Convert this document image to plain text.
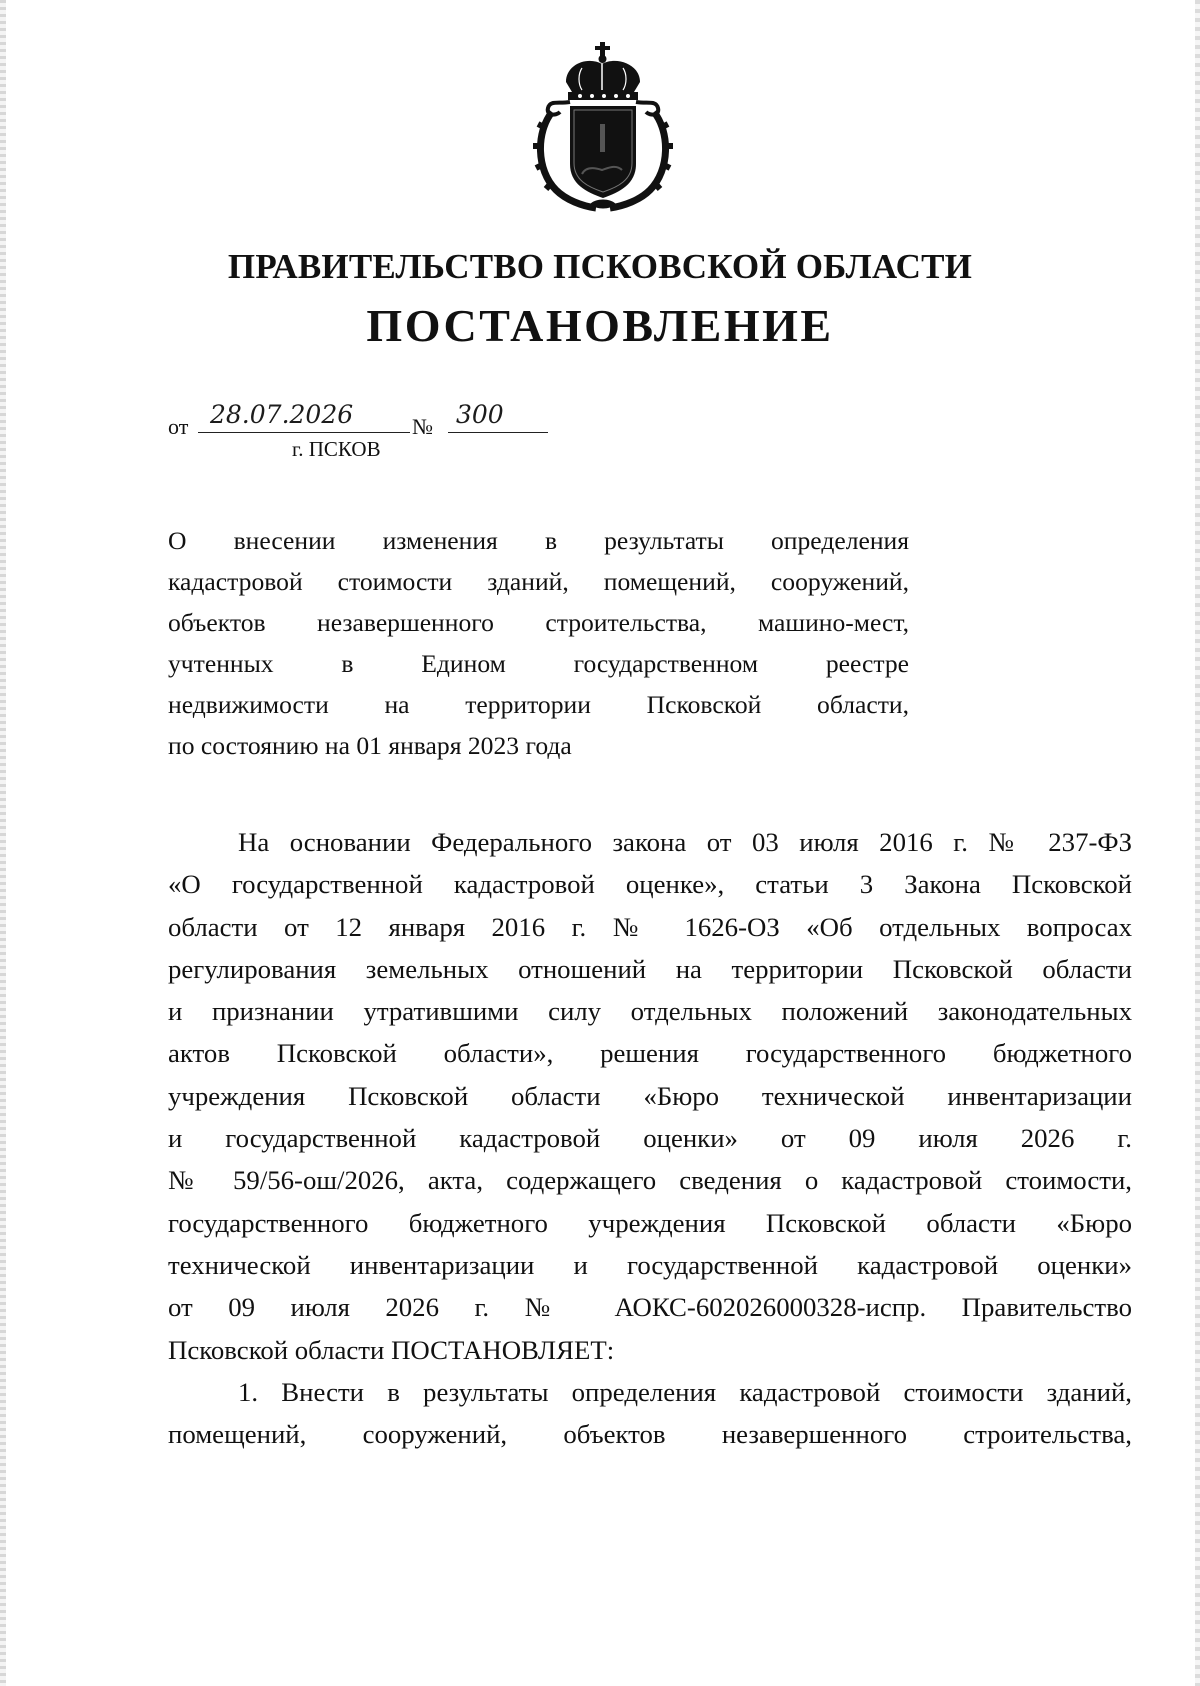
ПРАВИТЕЛЬСТВО ПСКОВСКОЙ ОБЛАСТИ
ПОСТАНОВЛЕНИЕ
от 28.07.2026	№ 300
г. ПСКОВ
О внесении изменения в результаты определения
кадастровой стоимости зданий, помещений, сооружений,
объектов незавершенного строительства, машино-мест,
учтенных в Едином государственном реестре
недвижимости на территории Псковской области,
по состоянию на 01 января 2023 года
На основании Федерального закона от 03 июля 2016 г. № 237-ФЗ
«О государственной кадастровой оценке», статьи 3 Закона Псковской
области от 12 января 2016 г. № 1626-ОЗ «Об отдельных вопросах
регулирования земельных отношений на территории Псковской области
и признании утратившими силу отдельных положений законодательных
актов Псковской области», решения государственного бюджетного
учреждения Псковской области «Бюро технической инвентаризации
и государственной кадастровой оценки» от 09 июля 2026 г.
№ 59/56-ош/2026, акта, содержащего сведения о кадастровой стоимости,
государственного бюджетного учреждения Псковской области «Бюро
технической инвентаризации и государственной кадастровой оценки»
от 09 июля 2026 г. № АОКС-602026000328-испр. Правительство
Псковской области ПОСТАНОВЛЯЕТ:
1. Внести в результаты определения кадастровой стоимости зданий,
помещений, сооружений, объектов незавершенного строительства,
